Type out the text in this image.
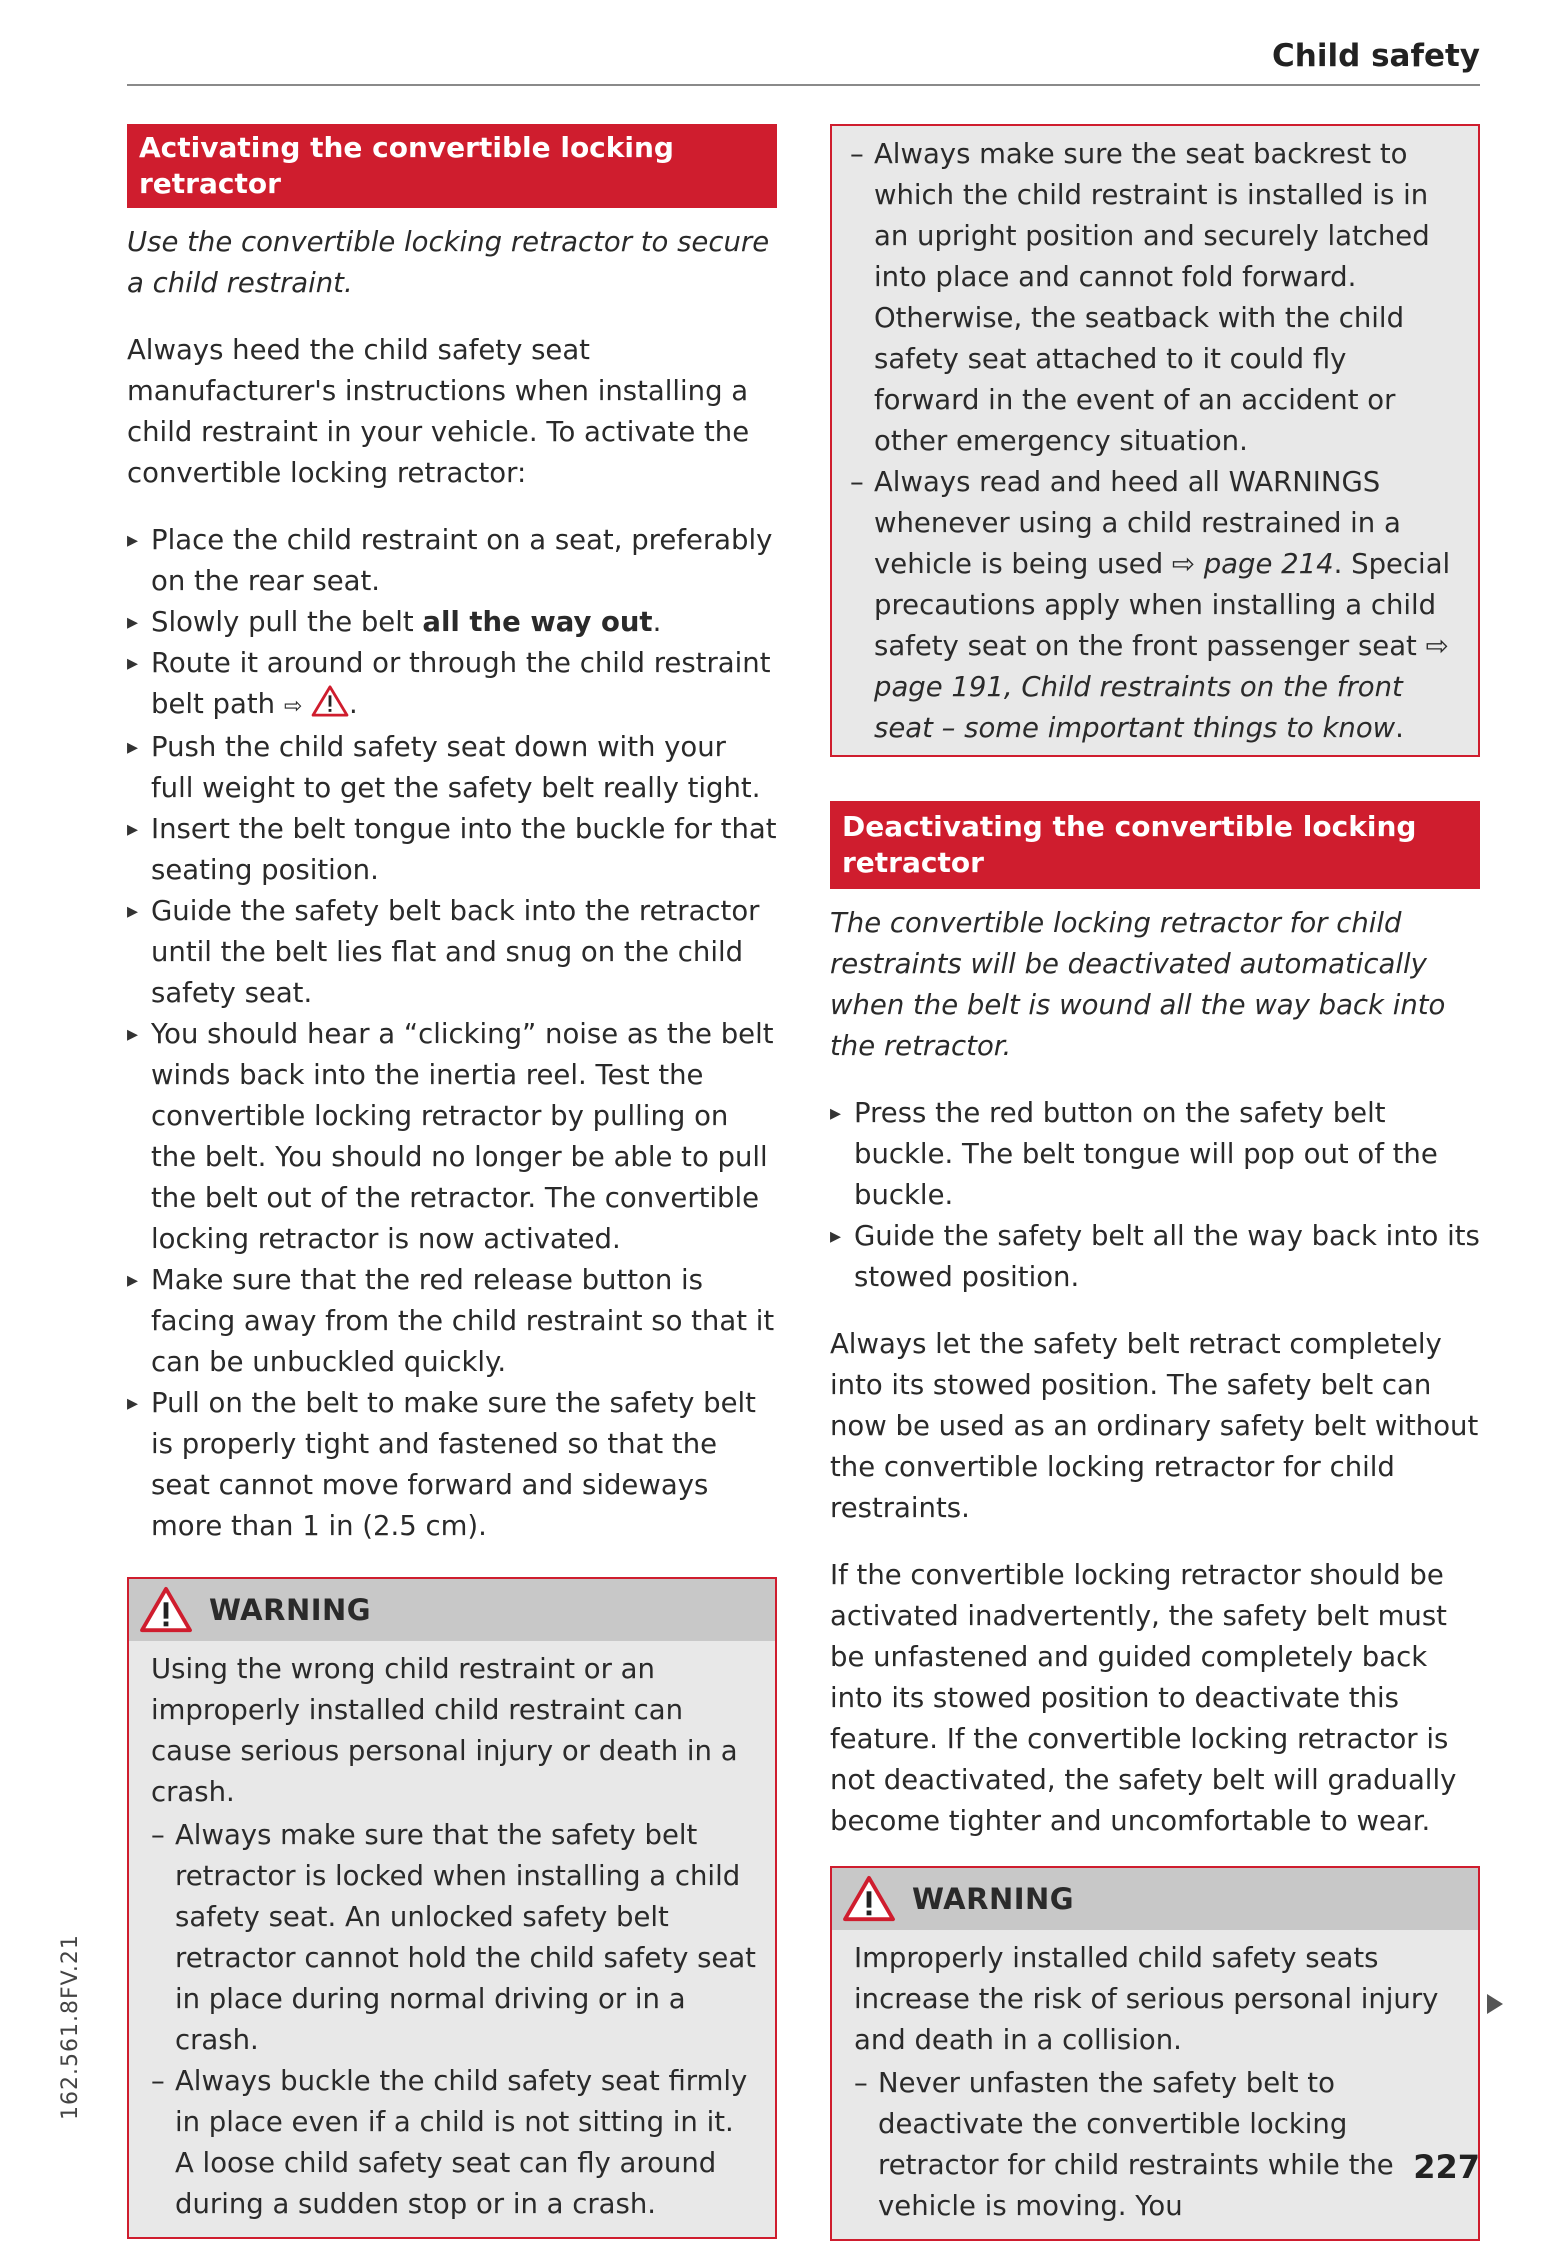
Child safety
Activating the convertible locking retractor

Use the convertible locking retractor to secure a child restraint.

Always heed the child safety seat manufacturer's instructions when installing a child restraint in your vehicle. To activate the convertible locking retractor:

▸ Place the child restraint on a seat, preferably on the rear seat.
▸ Slowly pull the belt all the way out.
▸ Route it around or through the child restraint belt path ⇨ .
▸ Push the child safety seat down with your full weight to get the safety belt really tight.
▸ Insert the belt tongue into the buckle for that seating position.
▸ Guide the safety belt back into the retractor until the belt lies flat and snug on the child safety seat.
▸ You should hear a “clicking” noise as the belt winds back into the inertia reel. Test the convertible locking retractor by pulling on the belt. You should no longer be able to pull the belt out of the retractor. The convertible locking retractor is now activated.
▸ Make sure that the red release button is facing away from the child restraint so that it can be unbuckled quickly.
▸ Pull on the belt to make sure the safety belt is properly tight and fastened so that the seat cannot move forward and sideways more than 1 in (2.5 cm).
WARNING

Using the wrong child restraint or an improperly installed child restraint can cause serious personal injury or death in a crash.

– Always make sure that the safety belt retractor is locked when installing a child safety seat. An unlocked safety belt retractor cannot hold the child safety seat in place during normal driving or in a crash.
– Always buckle the child safety seat firmly in place even if a child is not sitting in it. A loose child safety seat can fly around during a sudden stop or in a crash.
– Always make sure the seat backrest to which the child restraint is installed is in an upright position and securely latched into place and cannot fold forward. Otherwise, the seatback with the child safety seat attached to it could fly forward in the event of an accident or other emergency situation.
– Always read and heed all WARNINGS whenever using a child restrained in a vehicle is being used ⇨ page 214. Special precautions apply when installing a child safety seat on the front passenger seat ⇨ page 191, Child restraints on the front seat – some important things to know.
Deactivating the convertible locking retractor

The convertible locking retractor for child restraints will be deactivated automatically when the belt is wound all the way back into the retractor.

▸ Press the red button on the safety belt buckle. The belt tongue will pop out of the buckle.
▸ Guide the safety belt all the way back into its stowed position.

Always let the safety belt retract completely into its stowed position. The safety belt can now be used as an ordinary safety belt without the convertible locking retractor for child restraints.

If the convertible locking retractor should be activated inadvertently, the safety belt must be unfastened and guided completely back into its stowed position to deactivate this feature. If the convertible locking retractor is not deactivated, the safety belt will gradually become tighter and uncomfortable to wear.

WARNING

Improperly installed child safety seats increase the risk of serious personal injury and death in a collision.

– Never unfasten the safety belt to deactivate the convertible locking retractor for child restraints while the vehicle is moving. You
162.561.8FV.21
227
